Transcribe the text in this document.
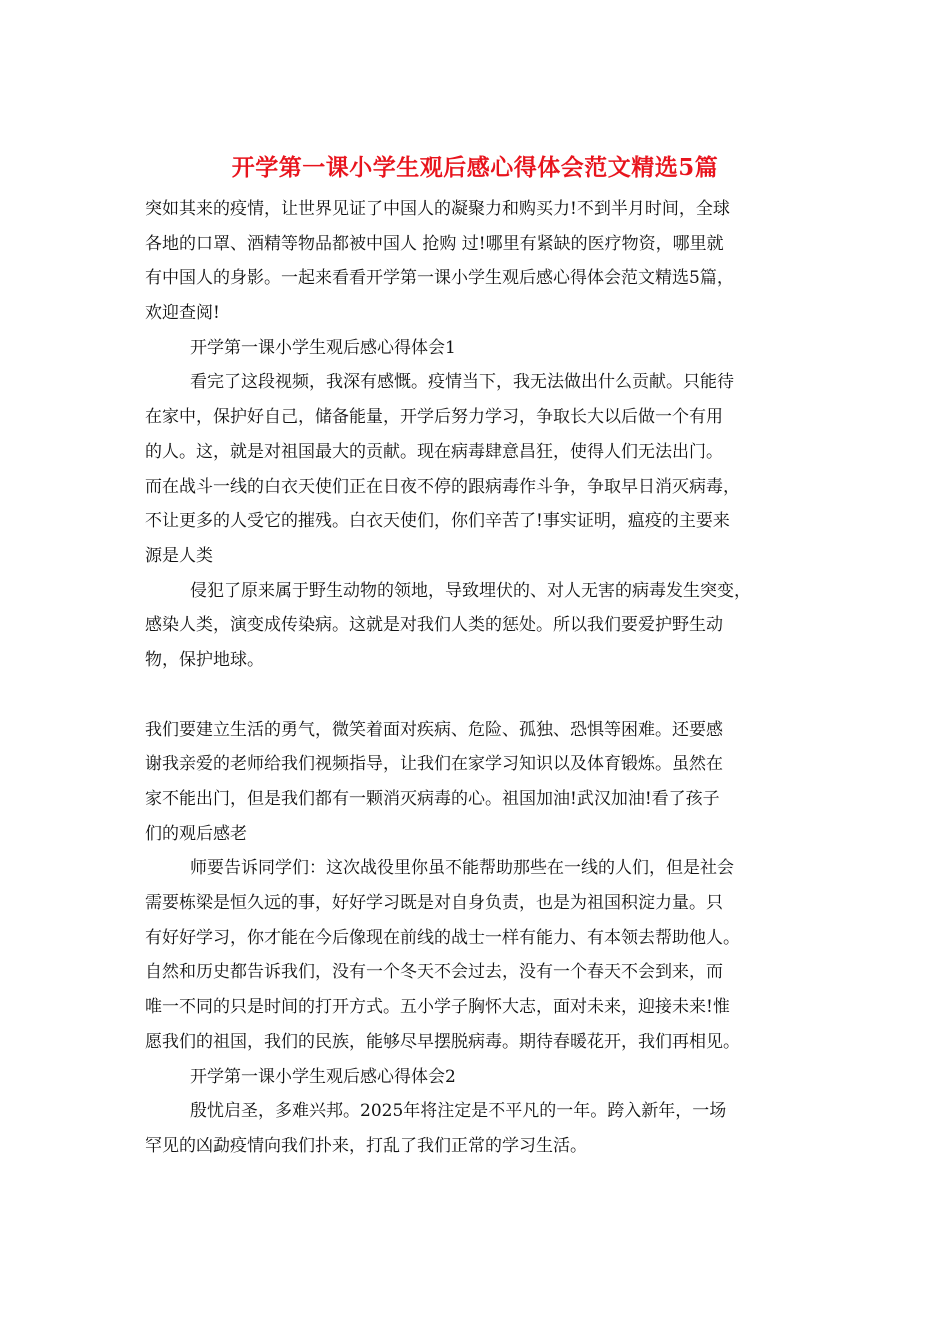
开学第一课小学生观后感心得体会范文精选5篇
突如其来的疫情，让世界见证了中国人的凝聚力和购买力!不到半月时间，全球
各地的口罩、酒精等物品都被中国人 抢购 过!哪里有紧缺的医疗物资，哪里就
有中国人的身影。一起来看看开学第一课小学生观后感心得体会范文精选5篇，
欢迎查阅!
开学第一课小学生观后感心得体会1
看完了这段视频，我深有感慨。疫情当下，我无法做出什么贡献。只能待
在家中，保护好自己，储备能量，开学后努力学习，争取长大以后做一个有用
的人。这，就是对祖国最大的贡献。现在病毒肆意昌狂，使得人们无法出门。
而在战斗一线的白衣天使们正在日夜不停的跟病毒作斗争，争取早日消灭病毒，
不让更多的人受它的摧残。白衣天使们，你们辛苦了!事实证明，瘟疫的主要来
源是人类
侵犯了原来属于野生动物的领地，导致埋伏的、对人无害的病毒发生突变，
感染人类，演变成传染病。这就是对我们人类的惩处。所以我们要爱护野生动
物，保护地球。
我们要建立生活的勇气，微笑着面对疾病、危险、孤独、恐惧等困难。还要感
谢我亲爱的老师给我们视频指导，让我们在家学习知识以及体育锻炼。虽然在
家不能出门，但是我们都有一颗消灭病毒的心。祖国加油!武汉加油!看了孩子
们的观后感老
师要告诉同学们：这次战役里你虽不能帮助那些在一线的人们，但是社会
需要栋梁是恒久远的事，好好学习既是对自身负责，也是为祖国积淀力量。只
有好好学习，你才能在今后像现在前线的战士一样有能力、有本领去帮助他人。
自然和历史都告诉我们，没有一个冬天不会过去，没有一个春天不会到来，而
唯一不同的只是时间的打开方式。五小学子胸怀大志，面对未来，迎接未来!惟
愿我们的祖国，我们的民族，能够尽早摆脱病毒。期待春暖花开，我们再相见。
开学第一课小学生观后感心得体会2
殷忧启圣，多难兴邦。2025年将注定是不平凡的一年。跨入新年，一场
罕见的凶勐疫情向我们扑来，打乱了我们正常的学习生活。
